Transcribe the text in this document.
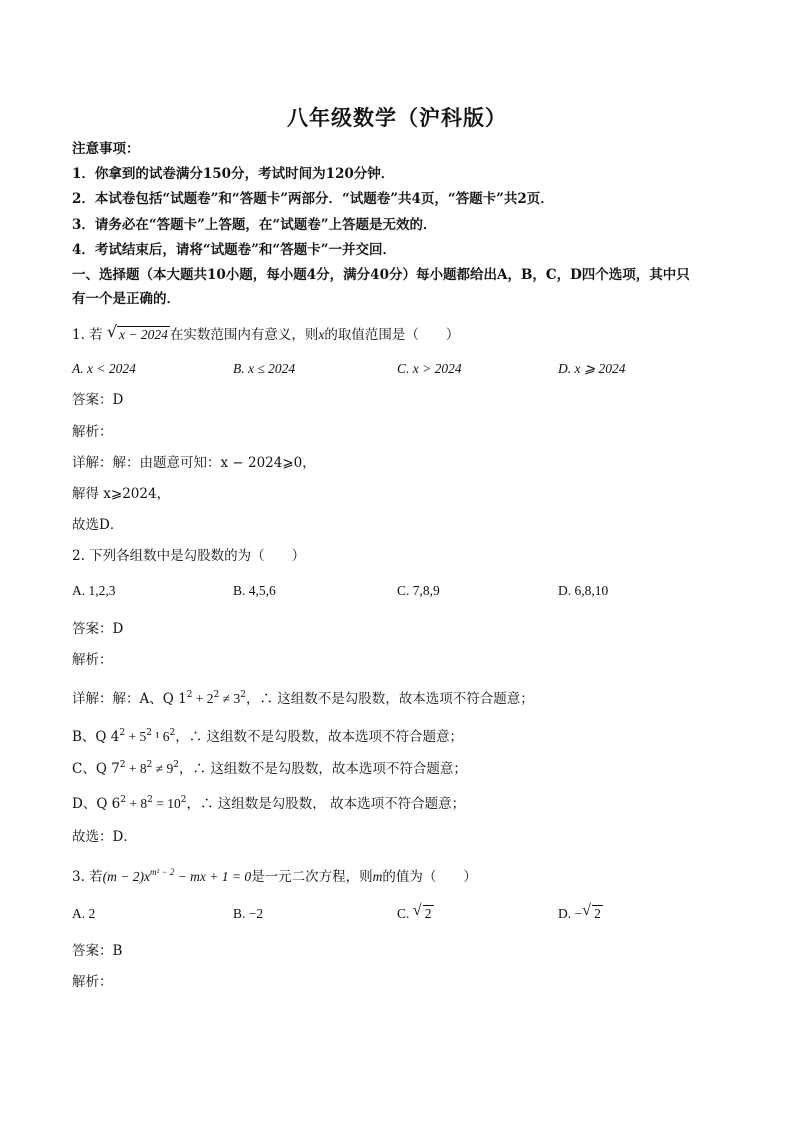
八年级数学（沪科版）
注意事项：
1．你拿到的试卷满分150分，考试时间为120分钟．
2．本试卷包括“试题卷”和“答题卡”两部分．“试题卷”共4页，“答题卡”共2页．
3．请务必在“答题卡”上答题，在“试题卷”上答题是无效的．
4．考试结束后，请将“试题卷”和“答题卡”一并交回．
一、选择题（本大题共10小题，每小题4分，满分40分）每小题都给出A，B，C，D四个选项，其中只
有一个是正确的．
1. 若 √ x − 2024 在实数范围内有意义，则x的取值范围是（　　）
A. x < 2024	B. x ≤ 2024	C. x > 2024	D. x ⩾ 2024
答案：D
解析：
详解：解：由题意可知：x − 2024⩾0，
解得 x⩾2024，
故选D．
2. 下列各组数中是勾股数的为（　　）
A. 1,2,3	B. 4,5,6	C. 7,8,9	D. 6,8,10
答案：D
解析：
详解：解：A、Q $1^2 + 2^2 \ne 3^2$，∴ 这组数不是勾股数，故本选项不符合题意；
B、Q $4^2 + 5^2$ ¹ $6^2$，∴ 这组数不是勾股数，故本选项不符合题意；
C、Q $7^2 + 8^2 \ne 9^2$，∴ 这组数不是勾股数，故本选项不符合题意；
D、Q $6^2 + 8^2 = 10^2$，∴ 这组数是勾股数， 故本选项不符合题意；
故选：D．
3. 若$(m - 2)x^{m^2 - 2}$ − mx + 1 = 0是一元二次方程，则m的值为（　　）
A. 2	B. −2	C. √ 2	D. − √ 2
答案：B
解析：
